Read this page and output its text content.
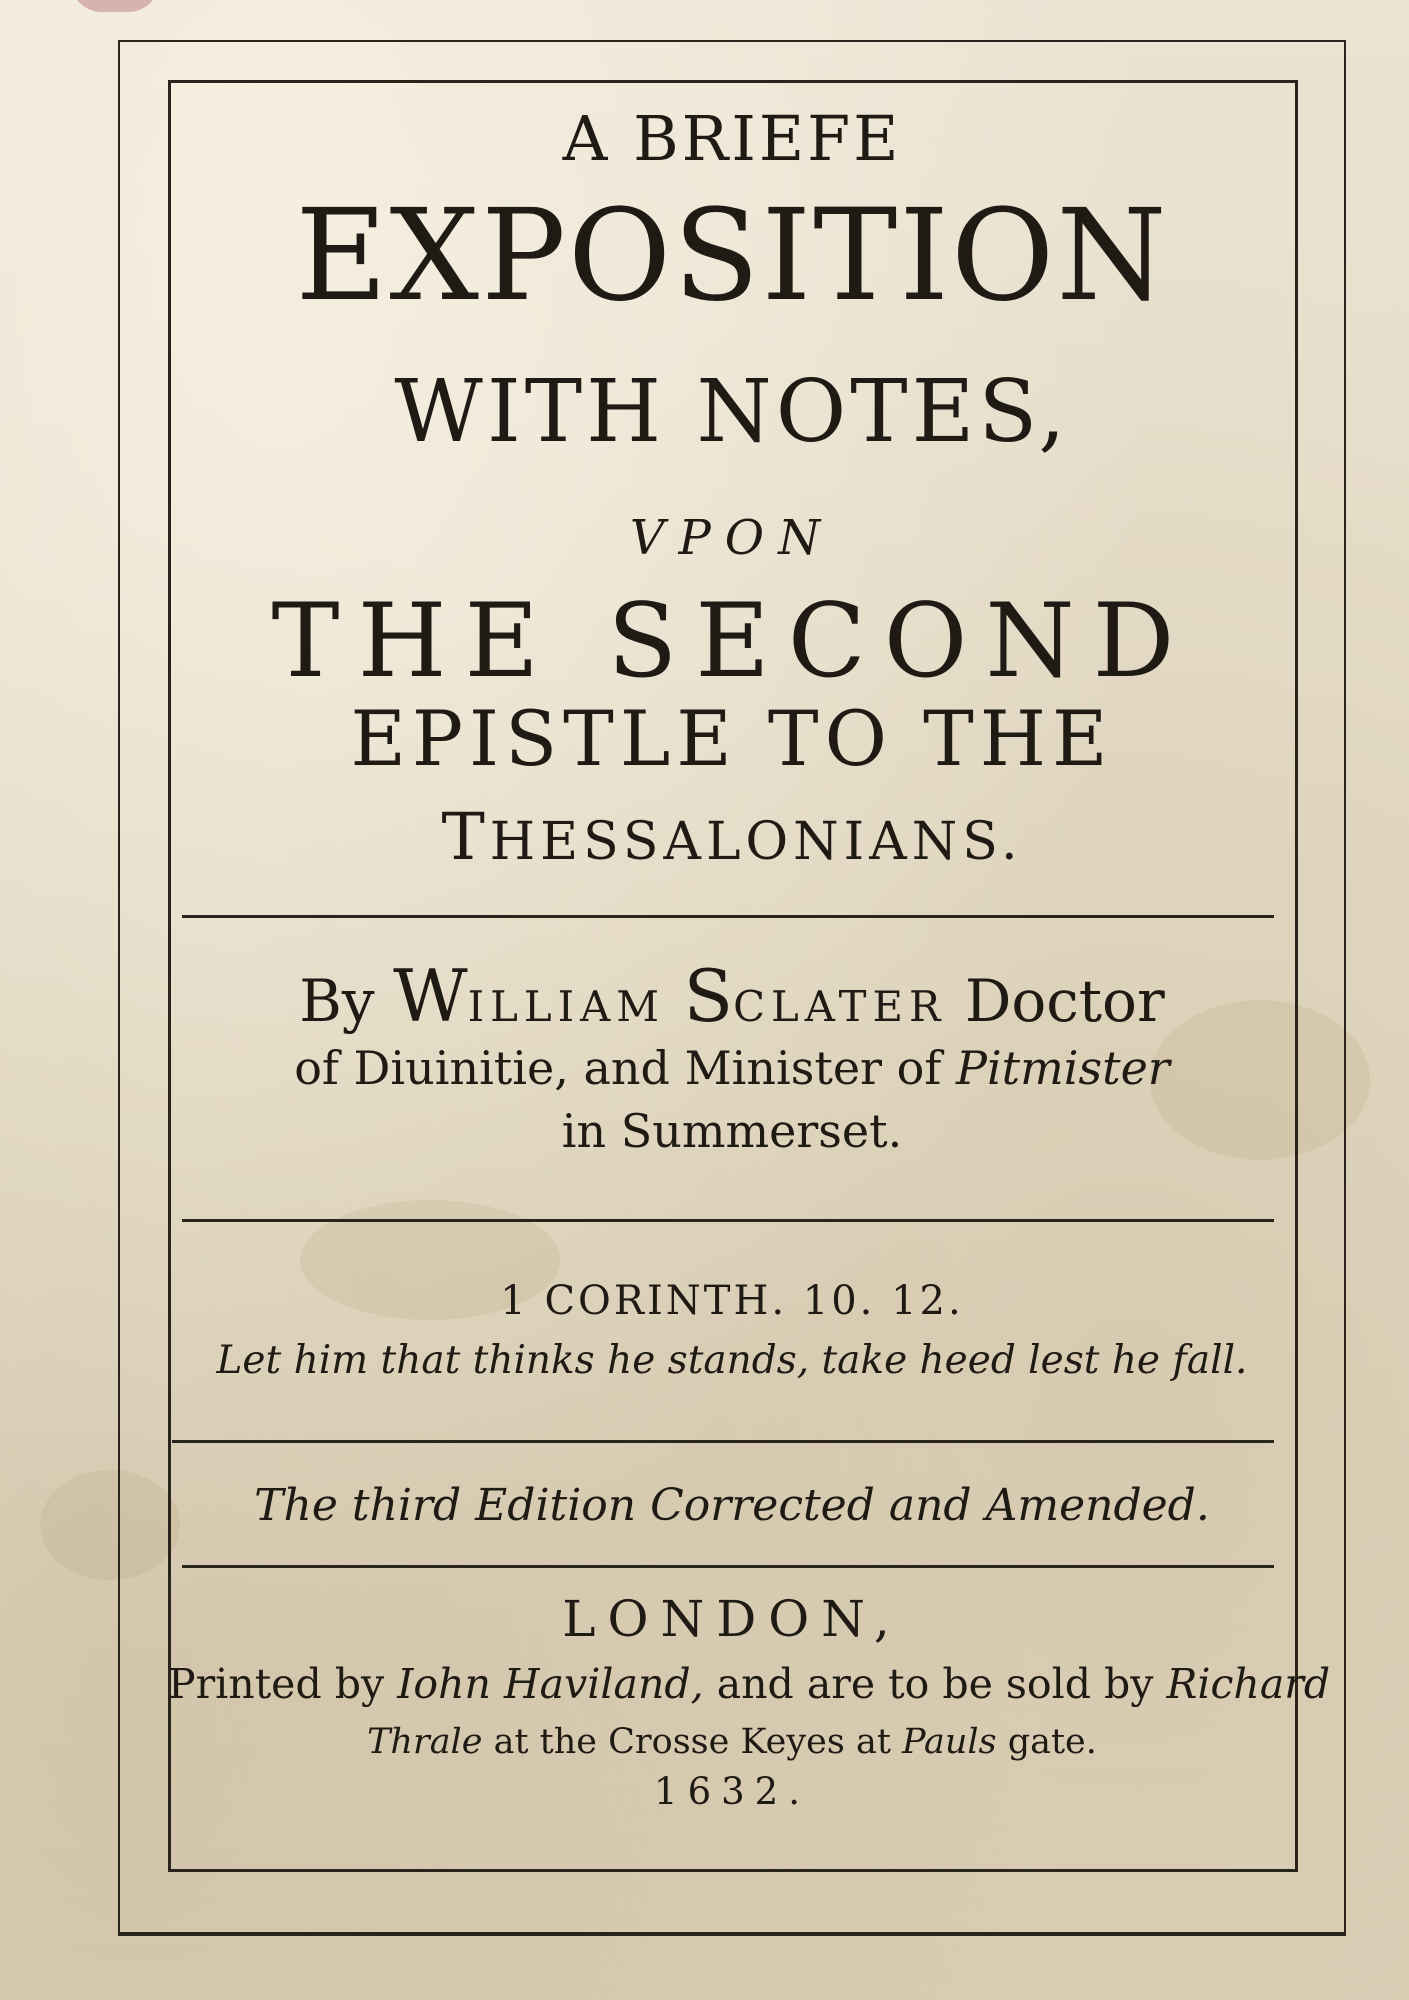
A BRIEFE
EXPOSITION
WITH NOTES,
VPON
THE SECOND
EPISTLE TO THE
THESSALONIANS.
By WILLIAM SCLATER Doctor
of Diuinitie, and Minister of Pitmister
in Summerset.
1 CORINTH. 10. 12.
Let him that thinks he stands, take heed lest he fall.
The third Edition Corrected and Amended.
LONDON,
Printed by Iohn Haviland, and are to be sold by Richard
Thrale at the Crosse Keyes at Pauls gate.
1632.
